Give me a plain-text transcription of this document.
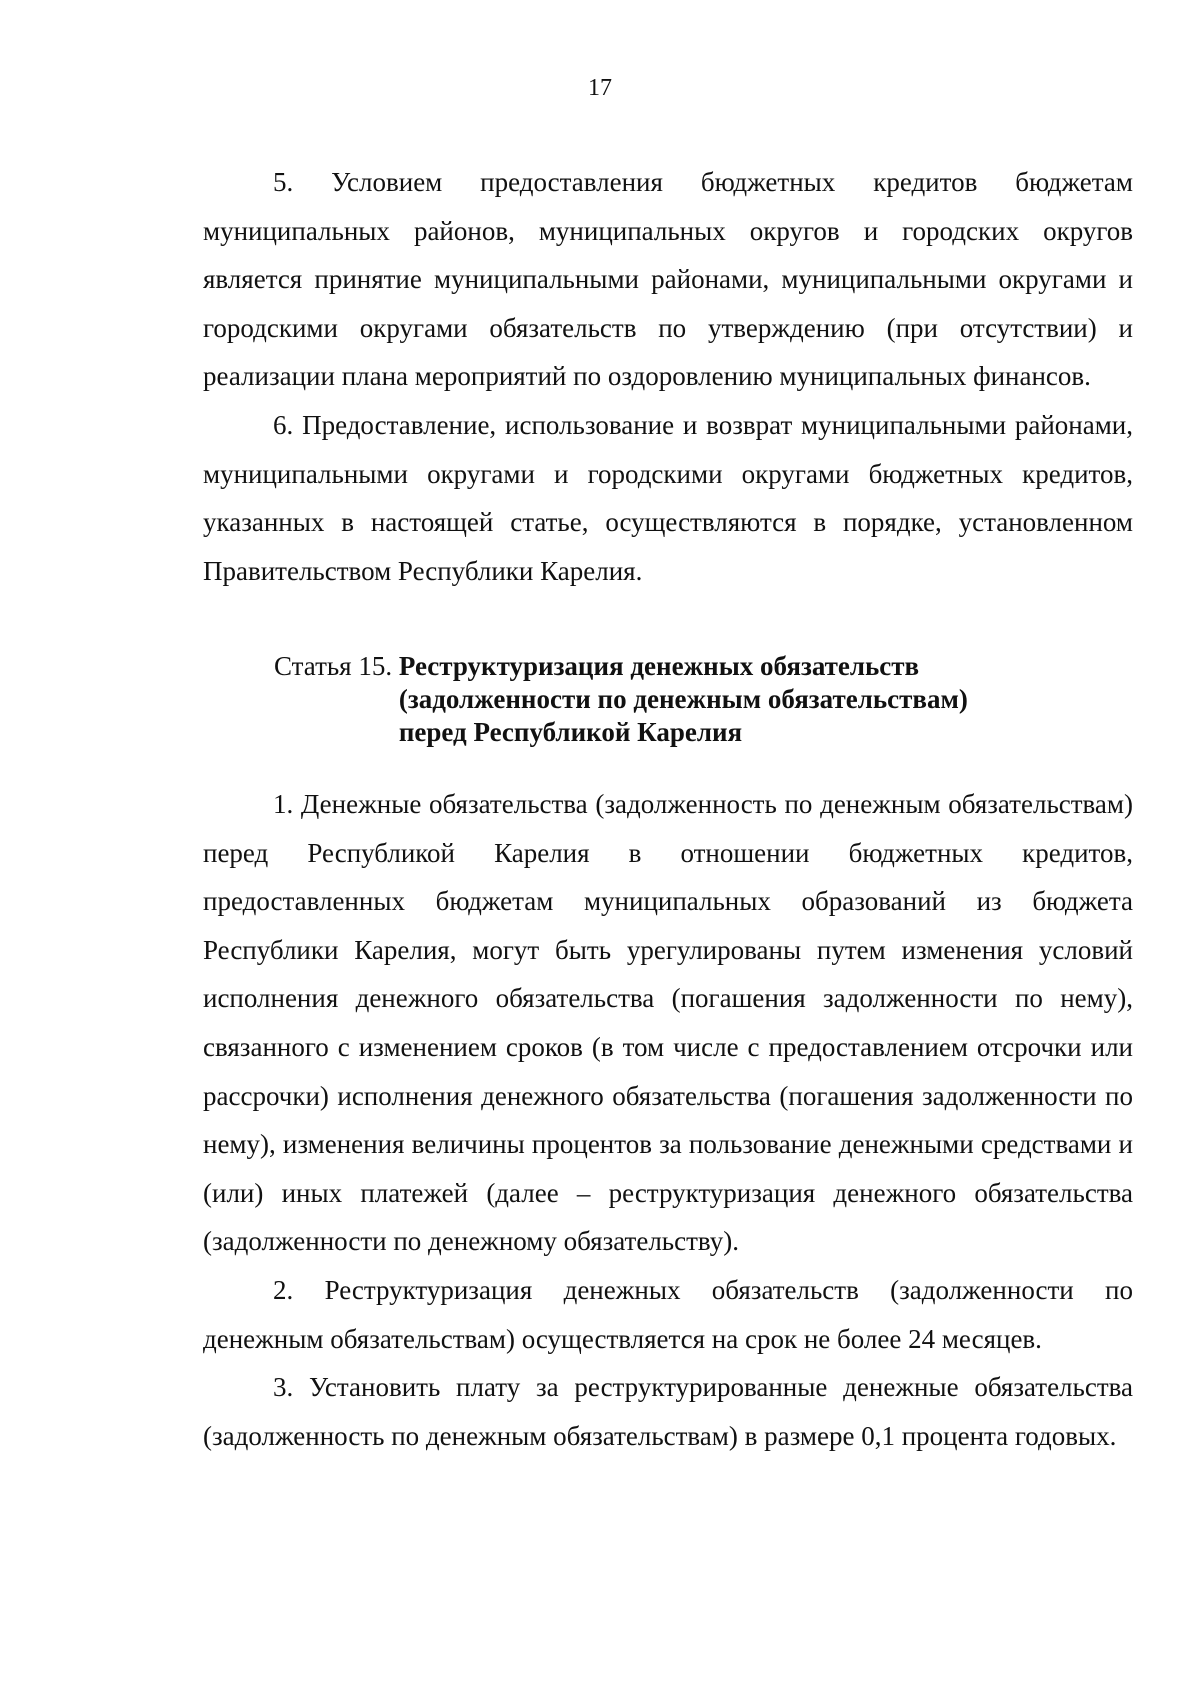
17

5. Условием предоставления бюджетных кредитов бюджетам муниципальных районов, муниципальных округов и городских округов является принятие муниципальными районами, муниципальными округами и городскими округами обязательств по утверждению (при отсутствии) и реализации плана мероприятий по оздоровлению муниципальных финансов.

6. Предоставление, использование и возврат муниципальными районами, муниципальными округами и городскими округами бюджетных кредитов, указанных в настоящей статье, осуществляются в порядке, установленном Правительством Республики Карелия.

Статья 15. Реструктуризация денежных обязательств (задолженности по денежным обязательствам) перед Республикой Карелия

1. Денежные обязательства (задолженность по денежным обязательствам) перед Республикой Карелия в отношении бюджетных кредитов, предоставленных бюджетам муниципальных образований из бюджета Республики Карелия, могут быть урегулированы путем изменения условий исполнения денежного обязательства (погашения задолженности по нему), связанного с изменением сроков (в том числе с предоставлением отсрочки или рассрочки) исполнения денежного обязательства (погашения задолженности по нему), изменения величины процентов за пользование денежными средствами и (или) иных платежей (далее – реструктуризация денежного обязательства (задолженности по денежному обязательству).

2. Реструктуризация денежных обязательств (задолженности по денежным обязательствам) осуществляется на срок не более 24 месяцев.

3. Установить плату за реструктурированные денежные обязательства (задолженность по денежным обязательствам) в размере 0,1 процента годовых.
